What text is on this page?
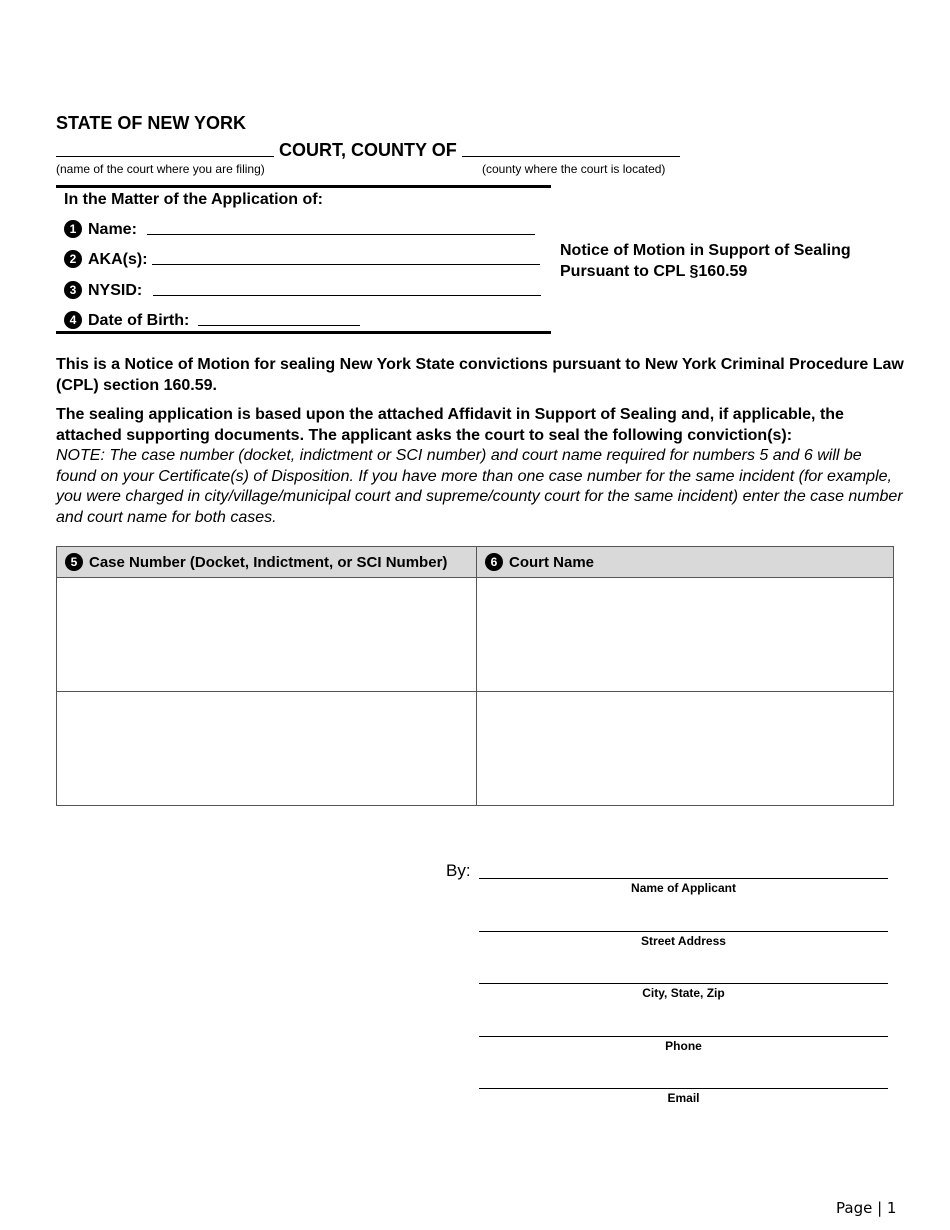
STATE OF NEW YORK
COURT, COUNTY OF
(name of the court where you are filing)	(county where the court is located)
In the Matter of the Application of:
1 Name:
2 AKA(s):
3 NYSID:
4 Date of Birth:
Notice of Motion in Support of Sealing Pursuant to CPL §160.59
This is a Notice of Motion for sealing New York State convictions pursuant to New York Criminal Procedure Law (CPL) section 160.59.
The sealing application is based upon the attached Affidavit in Support of Sealing and, if applicable, the attached supporting documents. The applicant asks the court to seal the following conviction(s):
NOTE: The case number (docket, indictment or SCI number) and court name required for numbers 5 and 6 will be found on your Certificate(s) of Disposition. If you have more than one case number for the same incident (for example, you were charged in city/village/municipal court and supreme/county court for the same incident) enter the case number and court name for both cases.
5 Case Number (Docket, Indictment, or SCI Number)	6 Court Name

By:
Name of Applicant
Street Address
City, State, Zip
Phone
Email
Page | 1
